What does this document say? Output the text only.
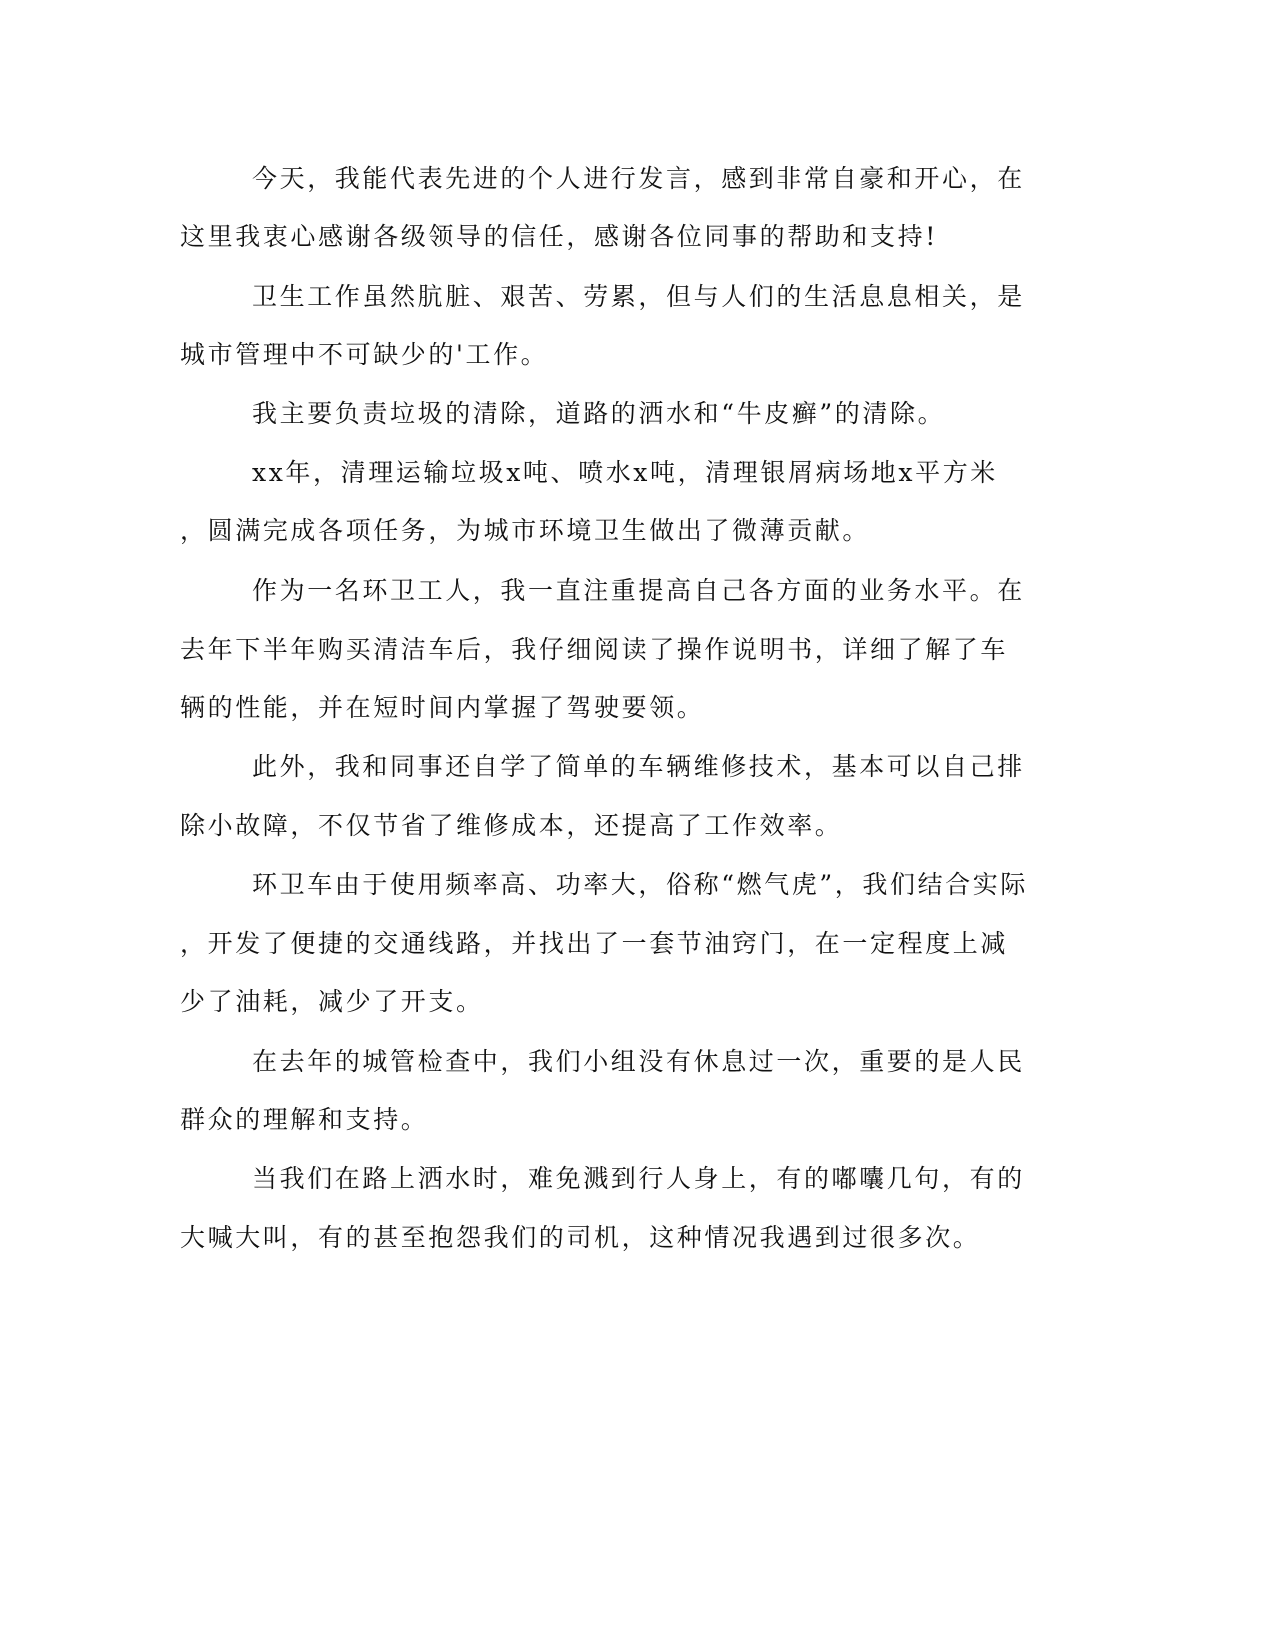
今天，我能代表先进的个人进行发言，感到非常自豪和开心，在
这里我衷心感谢各级领导的信任，感谢各位同事的帮助和支持!
卫生工作虽然肮脏、艰苦、劳累，但与人们的生活息息相关，是
城市管理中不可缺少的'工作。
我主要负责垃圾的清除，道路的洒水和“牛皮癣”的清除。
xx年，清理运输垃圾x吨、喷水x吨，清理银屑病场地x平方米
，圆满完成各项任务，为城市环境卫生做出了微薄贡献。
作为一名环卫工人，我一直注重提高自己各方面的业务水平。在
去年下半年购买清洁车后，我仔细阅读了操作说明书，详细了解了车
辆的性能，并在短时间内掌握了驾驶要领。
此外，我和同事还自学了简单的车辆维修技术，基本可以自己排
除小故障，不仅节省了维修成本，还提高了工作效率。
环卫车由于使用频率高、功率大，俗称“燃气虎”，我们结合实际
，开发了便捷的交通线路，并找出了一套节油窍门，在一定程度上减
少了油耗，减少了开支。
在去年的城管检查中，我们小组没有休息过一次，重要的是人民
群众的理解和支持。
当我们在路上洒水时，难免溅到行人身上，有的嘟囔几句，有的
大喊大叫，有的甚至抱怨我们的司机，这种情况我遇到过很多次。
